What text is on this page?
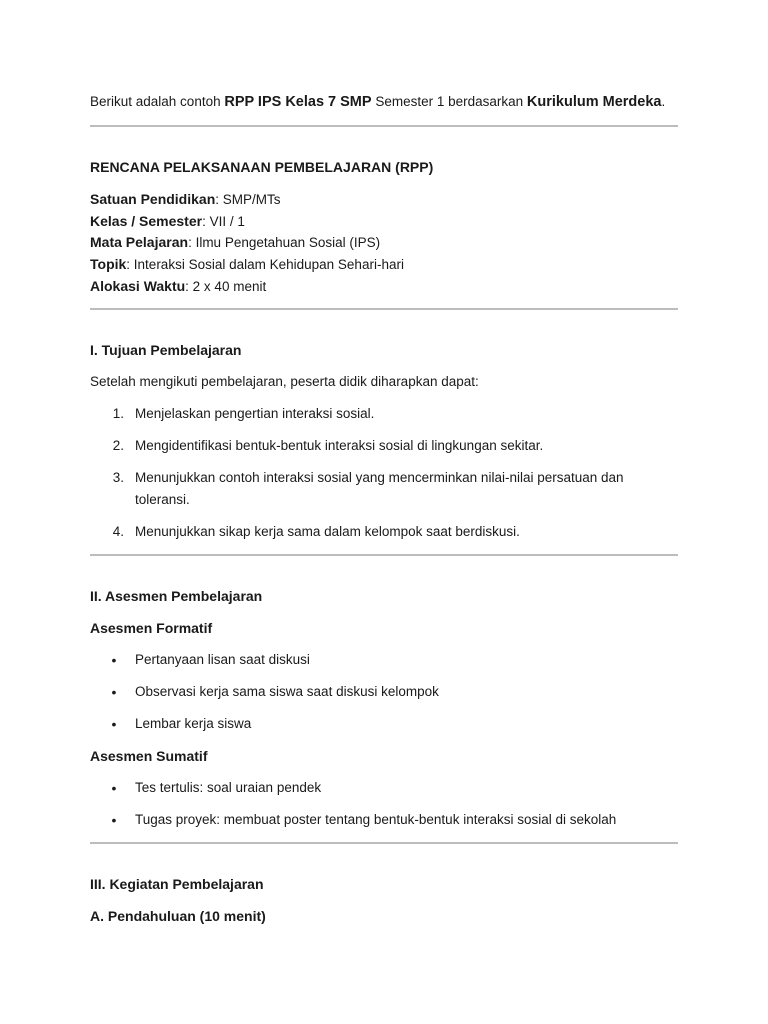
Berikut adalah contoh RPP IPS Kelas 7 SMP Semester 1 berdasarkan Kurikulum Merdeka.
RENCANA PELAKSANAAN PEMBELAJARAN (RPP)
Satuan Pendidikan: SMP/MTs
Kelas / Semester: VII / 1
Mata Pelajaran: Ilmu Pengetahuan Sosial (IPS)
Topik: Interaksi Sosial dalam Kehidupan Sehari-hari
Alokasi Waktu: 2 x 40 menit
I. Tujuan Pembelajaran
Setelah mengikuti pembelajaran, peserta didik diharapkan dapat:
1. Menjelaskan pengertian interaksi sosial.
2. Mengidentifikasi bentuk-bentuk interaksi sosial di lingkungan sekitar.
3. Menunjukkan contoh interaksi sosial yang mencerminkan nilai-nilai persatuan dan toleransi.
4. Menunjukkan sikap kerja sama dalam kelompok saat berdiskusi.
II. Asesmen Pembelajaran
Asesmen Formatif
• Pertanyaan lisan saat diskusi
• Observasi kerja sama siswa saat diskusi kelompok
• Lembar kerja siswa
Asesmen Sumatif
• Tes tertulis: soal uraian pendek
• Tugas proyek: membuat poster tentang bentuk-bentuk interaksi sosial di sekolah
III. Kegiatan Pembelajaran
A. Pendahuluan (10 menit)
